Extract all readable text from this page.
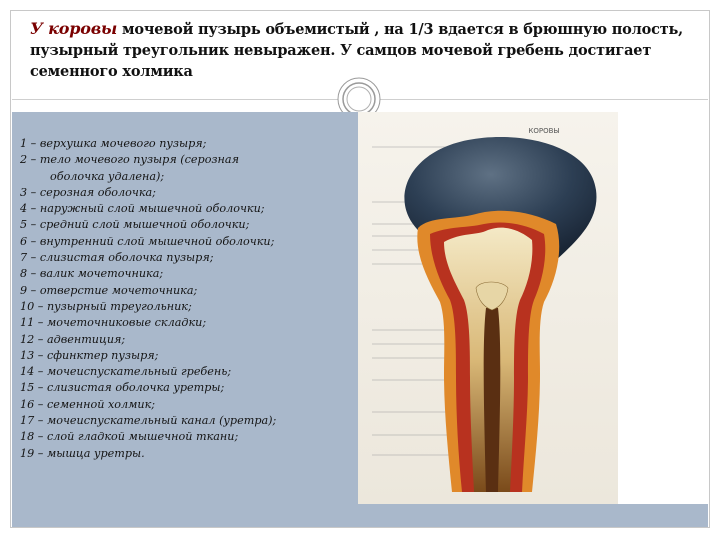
У коровы мочевой пузырь объемистый , на 1/3 вдается в брюшную полость, пузырный треугольник невыражен. У самцов мочевой гребень достигает семенного холмика
1 – верхушка мочевого пузыря;
2 – тело мочевого пузыря (серозная
оболочка удалена);
3 – серозная оболочка;
4 – наружный слой мышечной оболочки;
5 – средний слой мышечной оболочки;
6 – внутренний слой мышечной оболочки;
7 – слизистая оболочка пузыря;
8 – валик мочеточника;
9 – отверстие мочеточника;
10 – пузырный треугольник;
11 – мочеточниковые складки;
12 – адвентиция;
13 – сфинктер пузыря;
14 – мочеиспускательный гребень;
15 – слизистая оболочка уретры;
16 – семенной холмик;
17 – мочеиспускательный канал (уретра);
18 – слой гладкой мышечной ткани;
19 – мышца уретры.
КОРОВЫ
